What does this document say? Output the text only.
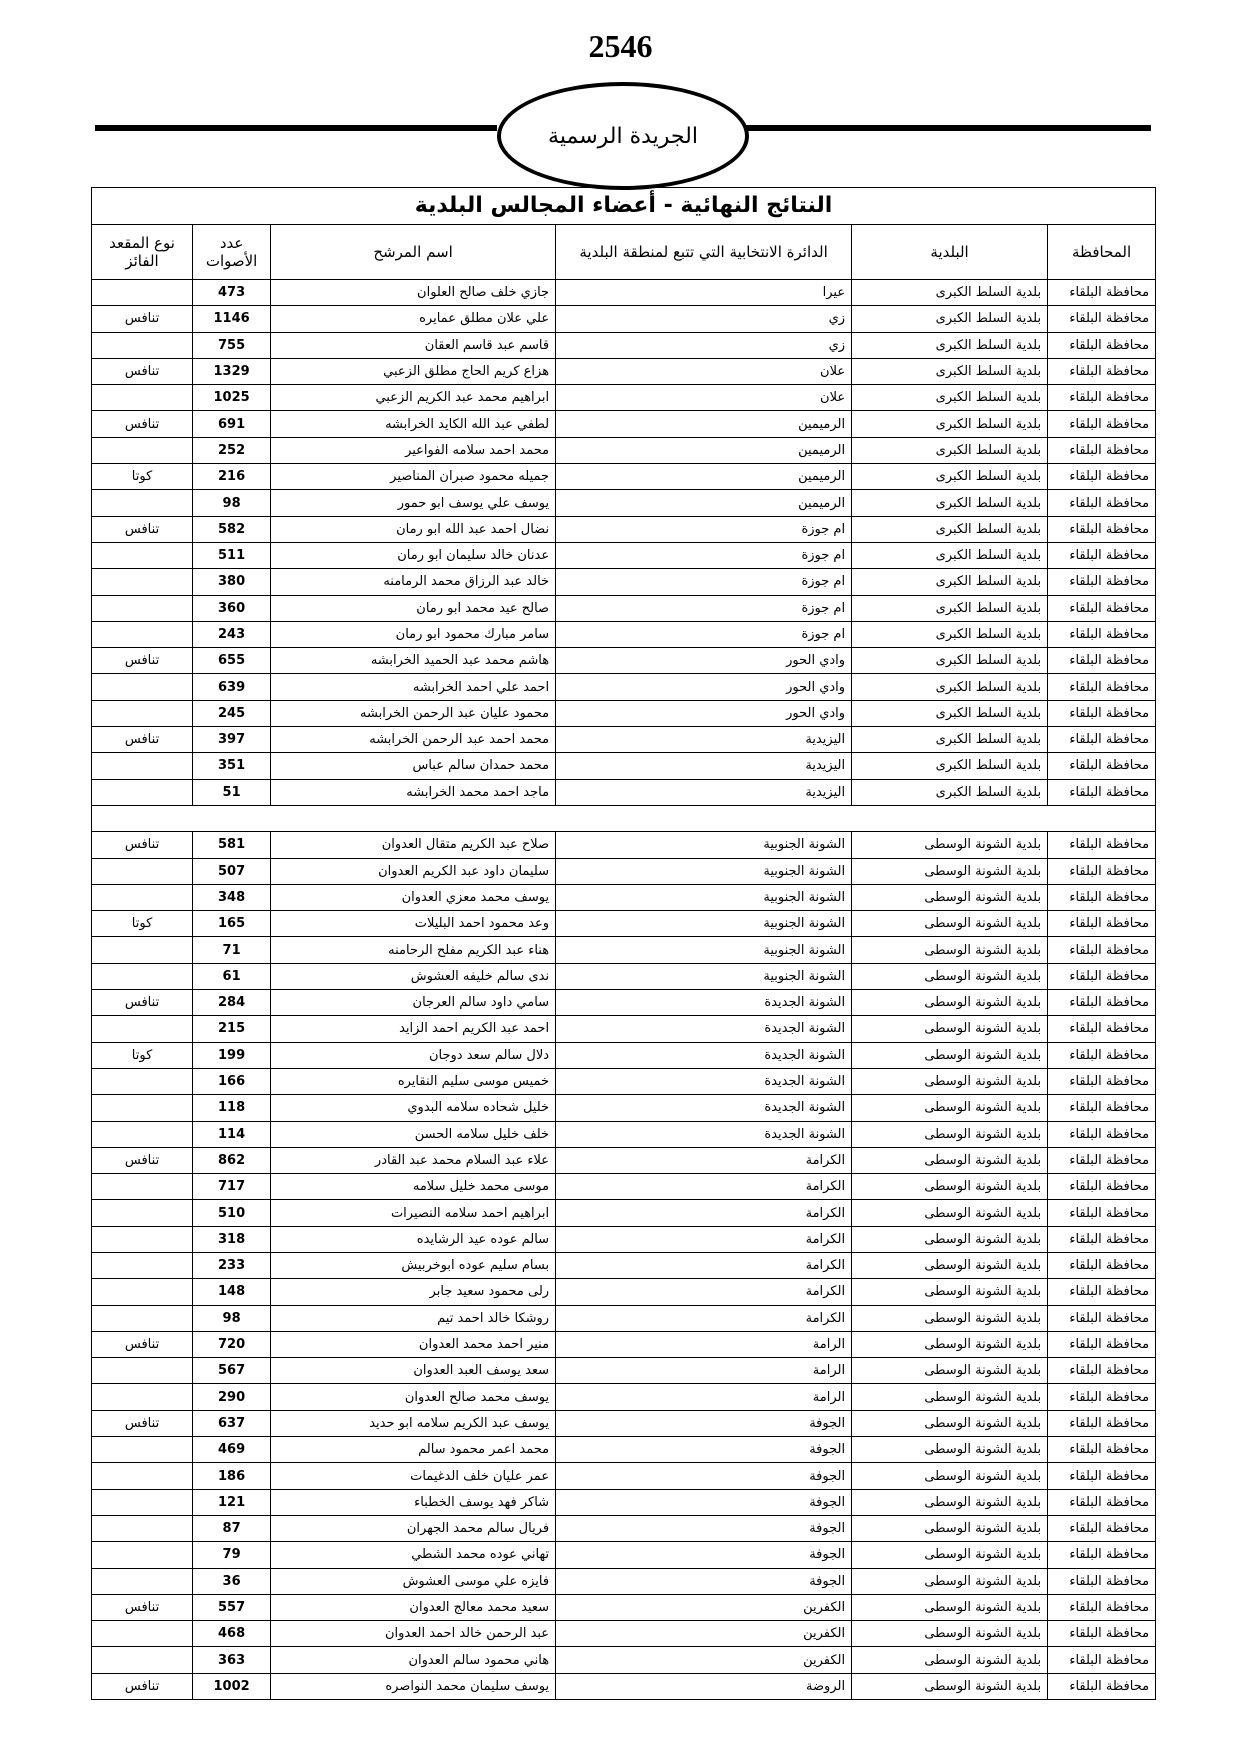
2546
الجريدة الرسمية
النتائج النهائية - أعضاء المجالس البلدية					
المحافظة	البلدية	الدائرة الانتخابية التي تتبع لمنطقة البلدية	اسم المرشح	عدد الأصوات	نوع المقعد الفائز
محافظة البلقاء	بلدية السلط الكبرى	عيرا	جازي خلف صالح العلوان	473	
محافظة البلقاء	بلدية السلط الكبرى	زي	علي علان مطلق عمايره	1146	تنافس
محافظة البلقاء	بلدية السلط الكبرى	زي	قاسم عبد قاسم العقان	755	
محافظة البلقاء	بلدية السلط الكبرى	علان	هزاع كريم الحاج مطلق الزعبي	1329	تنافس
محافظة البلقاء	بلدية السلط الكبرى	علان	ابراهيم محمد عبد الكريم الزعبي	1025	
محافظة البلقاء	بلدية السلط الكبرى	الرميمين	لطفي عبد الله الكايد الخرابشه	691	تنافس
محافظة البلقاء	بلدية السلط الكبرى	الرميمين	محمد احمد سلامه الفواعير	252	
محافظة البلقاء	بلدية السلط الكبرى	الرميمين	جميله محمود صبران المناصير	216	كوتا
محافظة البلقاء	بلدية السلط الكبرى	الرميمين	يوسف علي يوسف ابو حمور	98	
محافظة البلقاء	بلدية السلط الكبرى	ام جوزة	نضال احمد عبد الله ابو رمان	582	تنافس
محافظة البلقاء	بلدية السلط الكبرى	ام جوزة	عدنان خالد سليمان ابو رمان	511	
محافظة البلقاء	بلدية السلط الكبرى	ام جوزة	خالد عبد الرزاق محمد الرمامنه	380	
محافظة البلقاء	بلدية السلط الكبرى	ام جوزة	صالح عيد محمد ابو رمان	360	
محافظة البلقاء	بلدية السلط الكبرى	ام جوزة	سامر مبارك محمود ابو رمان	243	
محافظة البلقاء	بلدية السلط الكبرى	وادي الحور	هاشم محمد عبد الحميد الخرابشه	655	تنافس
محافظة البلقاء	بلدية السلط الكبرى	وادي الحور	احمد علي احمد الخرابشه	639	
محافظة البلقاء	بلدية السلط الكبرى	وادي الحور	محمود عليان عبد الرحمن الخرابشه	245	
محافظة البلقاء	بلدية السلط الكبرى	اليزيدية	محمد احمد عبد الرحمن الخرابشه	397	تنافس
محافظة البلقاء	بلدية السلط الكبرى	اليزيدية	محمد حمدان سالم عباس	351	
محافظة البلقاء	بلدية السلط الكبرى	اليزيدية	ماجد احمد محمد الخرابشه	51	

محافظة البلقاء	بلدية الشونة الوسطى	الشونة الجنوبية	صلاح عبد الكريم متقال العدوان	581	تنافس
محافظة البلقاء	بلدية الشونة الوسطى	الشونة الجنوبية	سليمان داود عبد الكريم العدوان	507	
محافظة البلقاء	بلدية الشونة الوسطى	الشونة الجنوبية	يوسف محمد معزي العدوان	348	
محافظة البلقاء	بلدية الشونة الوسطى	الشونة الجنوبية	وعد محمود احمد البليلات	165	كوتا
محافظة البلقاء	بلدية الشونة الوسطى	الشونة الجنوبية	هناء عبد الكريم مفلح الرحامنه	71	
محافظة البلقاء	بلدية الشونة الوسطى	الشونة الجنوبية	ندى سالم خليفه العشوش	61	
محافظة البلقاء	بلدية الشونة الوسطى	الشونة الجديدة	سامي داود سالم العرجان	284	تنافس
محافظة البلقاء	بلدية الشونة الوسطى	الشونة الجديدة	احمد عبد الكريم احمد الزايد	215	
محافظة البلقاء	بلدية الشونة الوسطى	الشونة الجديدة	دلال سالم سعد دوجان	199	كوتا
محافظة البلقاء	بلدية الشونة الوسطى	الشونة الجديدة	خميس موسى سليم النقايره	166	
محافظة البلقاء	بلدية الشونة الوسطى	الشونة الجديدة	خليل شحاده سلامه البدوي	118	
محافظة البلقاء	بلدية الشونة الوسطى	الشونة الجديدة	خلف خليل سلامه الحسن	114	
محافظة البلقاء	بلدية الشونة الوسطى	الكرامة	علاء عبد السلام محمد عبد القادر	862	تنافس
محافظة البلقاء	بلدية الشونة الوسطى	الكرامة	موسى محمد خليل سلامه	717	
محافظة البلقاء	بلدية الشونة الوسطى	الكرامة	ابراهيم احمد سلامه النصيرات	510	
محافظة البلقاء	بلدية الشونة الوسطى	الكرامة	سالم عوده عيد الرشايده	318	
محافظة البلقاء	بلدية الشونة الوسطى	الكرامة	بسام سليم عوده ابوخربيش	233	
محافظة البلقاء	بلدية الشونة الوسطى	الكرامة	رلى محمود سعيد جابر	148	
محافظة البلقاء	بلدية الشونة الوسطى	الكرامة	روشكا خالد احمد تيم	98	
محافظة البلقاء	بلدية الشونة الوسطى	الرامة	منير احمد محمد العدوان	720	تنافس
محافظة البلقاء	بلدية الشونة الوسطى	الرامة	سعد يوسف العبد العدوان	567	
محافظة البلقاء	بلدية الشونة الوسطى	الرامة	يوسف محمد صالح العدوان	290	
محافظة البلقاء	بلدية الشونة الوسطى	الجوفة	يوسف عبد الكريم سلامه ابو حديد	637	تنافس
محافظة البلقاء	بلدية الشونة الوسطى	الجوفة	محمد اعمر محمود سالم	469	
محافظة البلقاء	بلدية الشونة الوسطى	الجوفة	عمر عليان خلف الدغيمات	186	
محافظة البلقاء	بلدية الشونة الوسطى	الجوفة	شاكر فهد يوسف الخطباء	121	
محافظة البلقاء	بلدية الشونة الوسطى	الجوفة	فريال سالم محمد الجهران	87	
محافظة البلقاء	بلدية الشونة الوسطى	الجوفة	تهاني عوده محمد الشطي	79	
محافظة البلقاء	بلدية الشونة الوسطى	الجوفة	فايزه علي موسى العشوش	36	
محافظة البلقاء	بلدية الشونة الوسطى	الكفرين	سعيد محمد معالج العدوان	557	تنافس
محافظة البلقاء	بلدية الشونة الوسطى	الكفرين	عبد الرحمن خالد احمد العدوان	468	
محافظة البلقاء	بلدية الشونة الوسطى	الكفرين	هاني محمود سالم العدوان	363	
محافظة البلقاء	بلدية الشونة الوسطى	الروضة	يوسف سليمان محمد النواصره	1002	تنافس
